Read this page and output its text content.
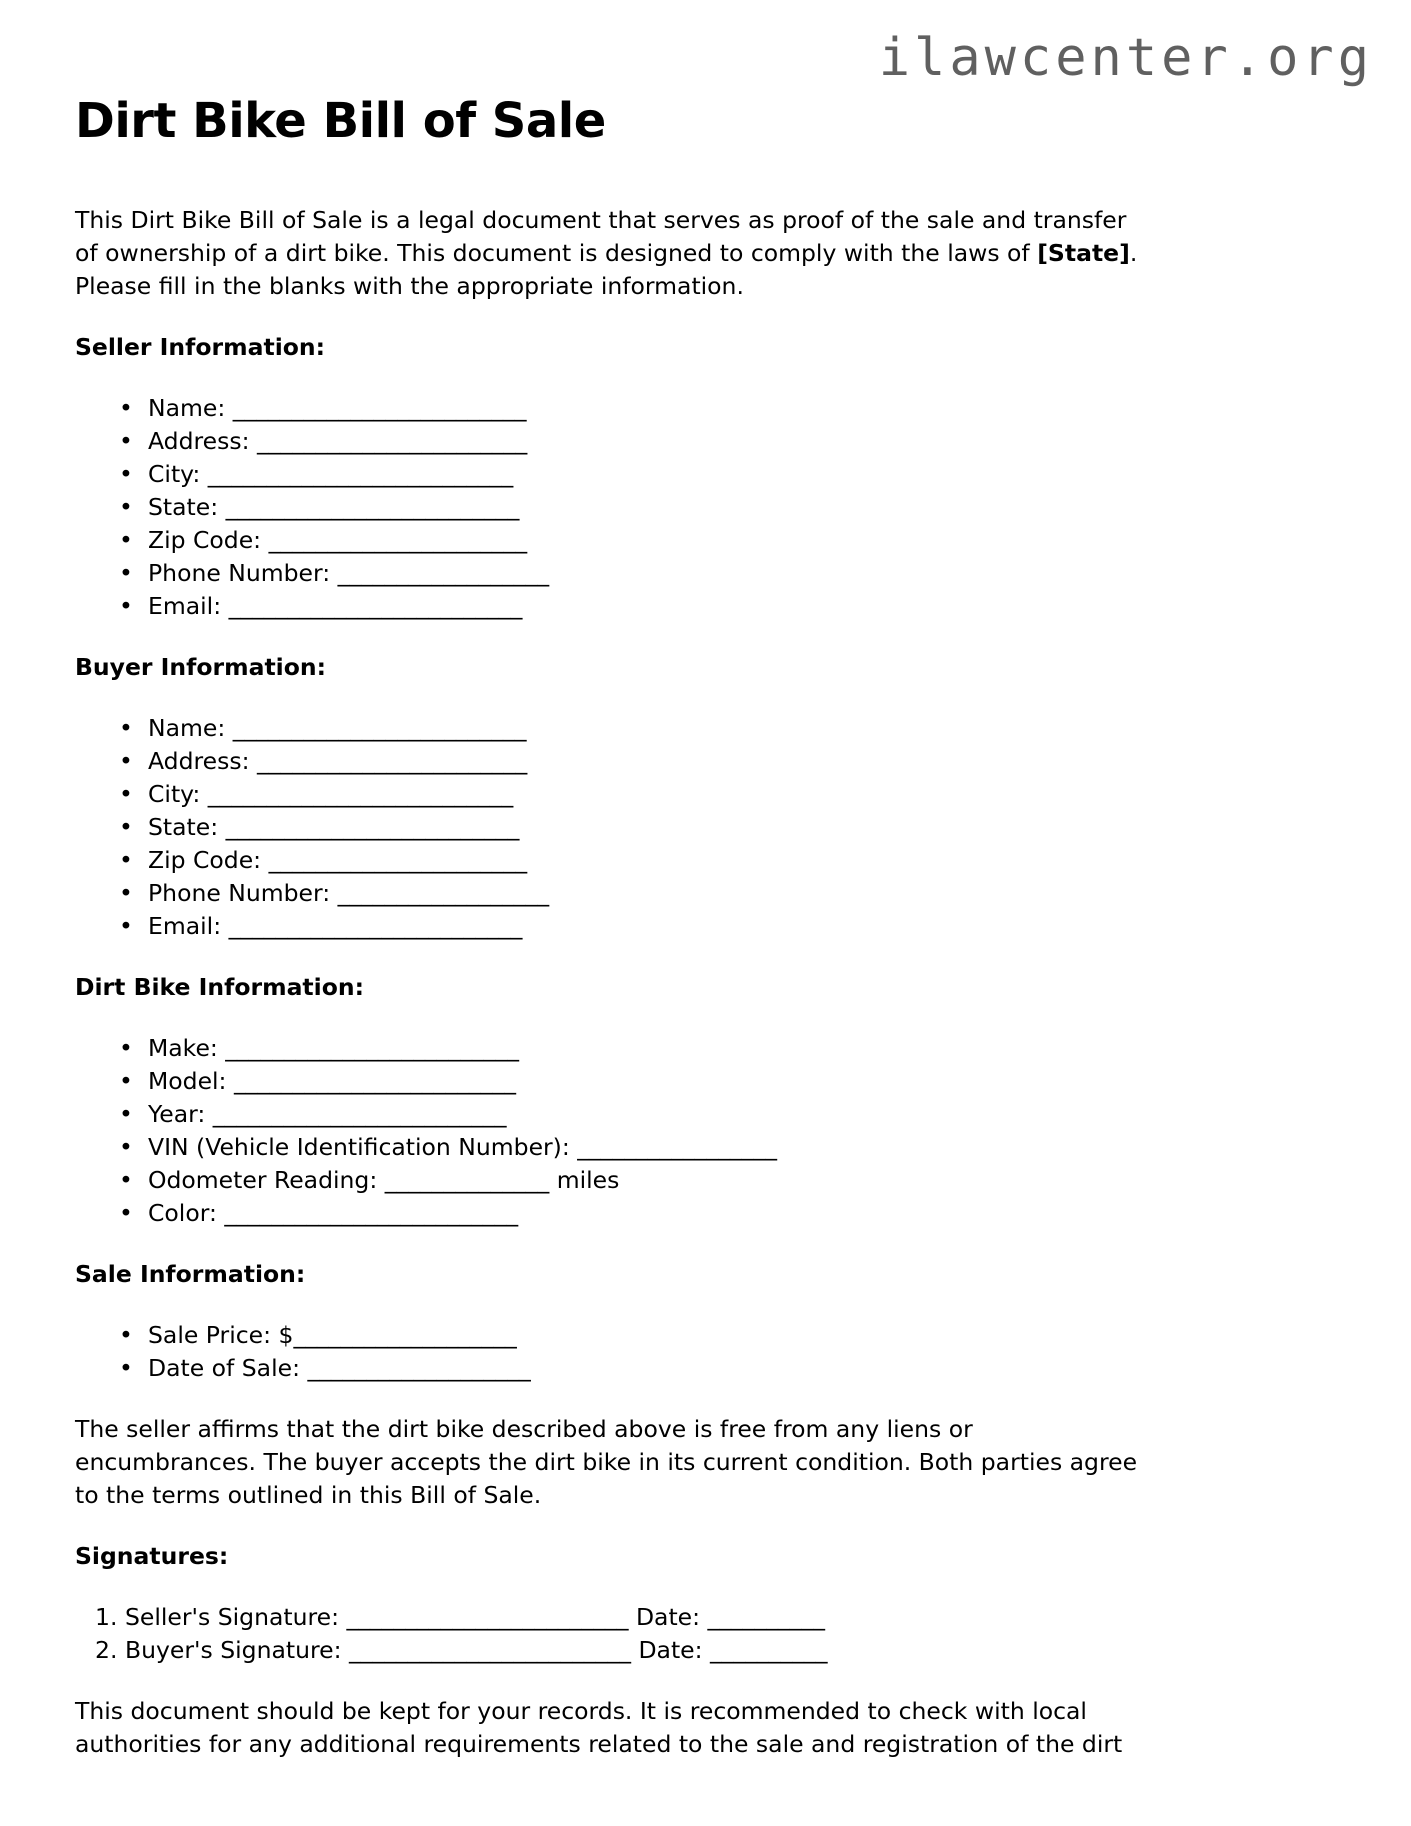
ilawcenter.org
Dirt Bike Bill of Sale
This Dirt Bike Bill of Sale is a legal document that serves as proof of the sale and transfer
of ownership of a dirt bike. This document is designed to comply with the laws of [State].
Please fill in the blanks with the appropriate information.
Seller Information:
• Name: _________________________
• Address: _______________________
• City: __________________________
• State: _________________________
• Zip Code: ______________________
• Phone Number: __________________
• Email: _________________________
Buyer Information:
• Name: _________________________
• Address: _______________________
• City: __________________________
• State: _________________________
• Zip Code: ______________________
• Phone Number: __________________
• Email: _________________________
Dirt Bike Information:
• Make: _________________________
• Model: ________________________
• Year: _________________________
• VIN (Vehicle Identification Number): _________________
• Odometer Reading: ______________ miles
• Color: _________________________
Sale Information:
• Sale Price: $___________________
• Date of Sale: ___________________
The seller affirms that the dirt bike described above is free from any liens or
encumbrances. The buyer accepts the dirt bike in its current condition. Both parties agree
to the terms outlined in this Bill of Sale.
Signatures:
1. Seller's Signature: ________________________ Date: __________
2. Buyer's Signature: ________________________ Date: __________
This document should be kept for your records. It is recommended to check with local
authorities for any additional requirements related to the sale and registration of the dirt
